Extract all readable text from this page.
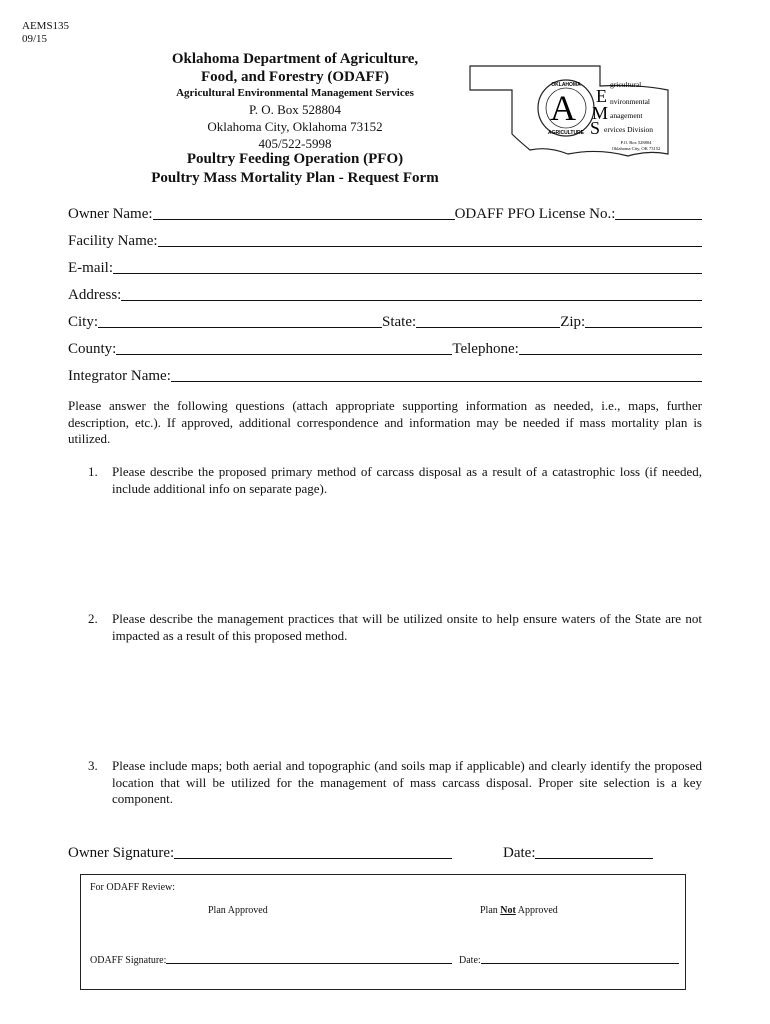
AEMS135
09/15
Oklahoma Department of Agriculture,
Food, and Forestry (ODAFF)
Agricultural Environmental Management Services
P. O. Box 528804
Oklahoma City, Oklahoma 73152
405/522-5998
OKLAHOMA
AGRICULTURE
A E
M
S
gricultural
nvironmental
anagement
ervices Division
P.O. Box 528804
Oklahoma City, OK 73152
Poultry Feeding Operation (PFO)
Poultry Mass Mortality Plan - Request Form
Owner Name:	ODAFF PFO License No.:
Facility Name:
E-mail:
Address:
City:	State:	Zip:
County:	Telephone:
Integrator Name:
Please answer the following questions (attach appropriate supporting information as needed, i.e., maps, further description, etc.). If approved, additional correspondence and information may be needed if mass mortality plan is utilized.
1.	Please describe the proposed primary method of carcass disposal as a result of a catastrophic loss (if needed, include additional info on separate page).
2.	Please describe the management practices that will be utilized onsite to help ensure waters of the State are not impacted as a result of this proposed method.
3.	Please include maps; both aerial and topographic (and soils map if applicable) and clearly identify the proposed location that will be utilized for the management of mass carcass disposal. Proper site selection is a key component.
Owner Signature:	Date:
For ODAFF Review:
Plan Approved	Plan Not Approved
ODAFF Signature:	Date:
